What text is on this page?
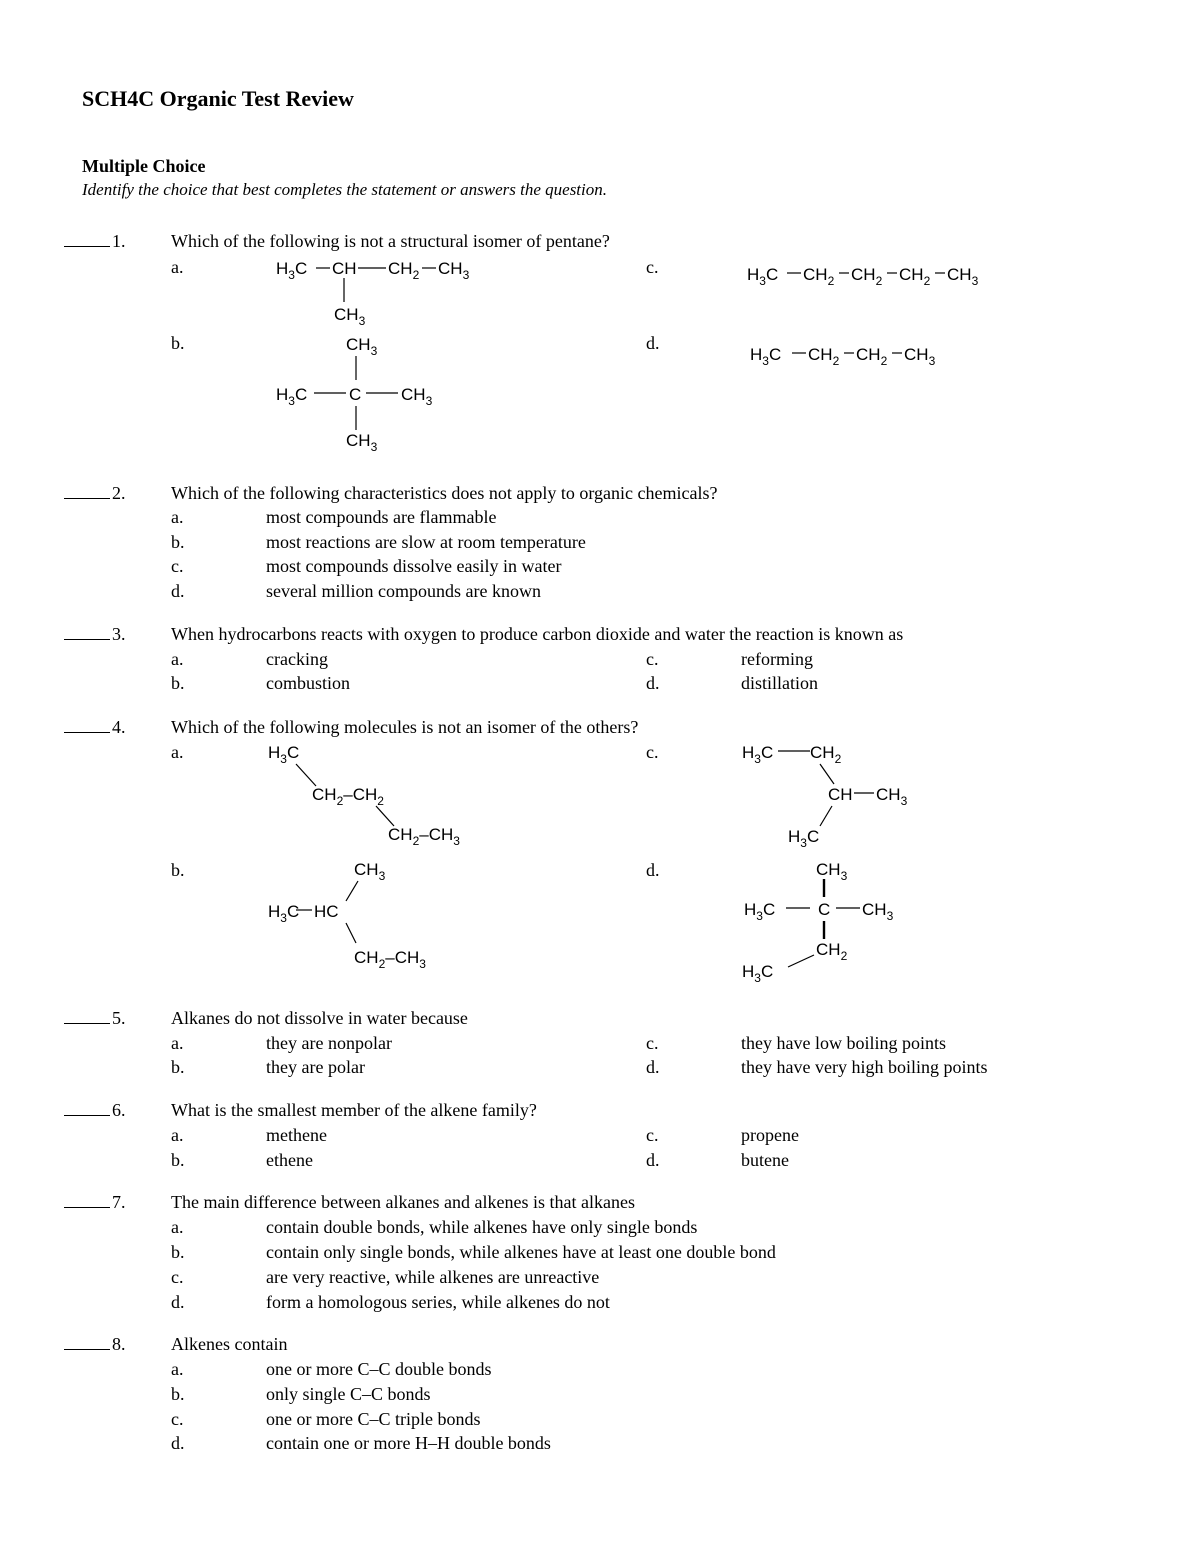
SCH4C Organic Test Review
Multiple Choice
Identify the choice that best completes the statement or answers the question.
1.	Which of the following is not a structural isomer of pentane?
a.	c.
b.	d.
$H_3C$ CH $CH_2$ $CH_3$
$CH_3$
$CH_3$
$H_3C$ C $CH_3$
$CH_3$
$H_3C$ $CH_2$ $CH_2$ $CH_2$ $CH_3$
$H_3C$ $CH_2$ $CH_2$ $CH_3$
2.	Which of the following characteristics does not apply to organic chemicals?
a.	most compounds are flammable
b.	most reactions are slow at room temperature
c.	most compounds dissolve easily in water
d.	several million compounds are known
3.	When hydrocarbons reacts with oxygen to produce carbon dioxide and water the reaction is known as
a.	cracking
b.	combustion
c.	reforming
d.	distillation
4.	Which of the following molecules is not an isomer of the others?
a.	c.
b.	d.
$H_3C$
$CH_2-CH_2$
$CH_2-CH_3$
$CH_3$
$H_3C$ HC
$CH_2-CH_3$
$H_3C$ $CH_2$
CH $CH_3$
$H_3C$
$CH_3$
$H_3C$	C $CH_3$
$CH_2$
$H_3C$
5.	Alkanes do not dissolve in water because
a.	they are nonpolar
b.	they are polar
c.	they have low boiling points
d.	they have very high boiling points
6.	What is the smallest member of the alkene family?
a.	methene
b.	ethene
c.	propene
d.	butene
7.	The main difference between alkanes and alkenes is that alkanes
a.	contain double bonds, while alkenes have only single bonds
b.	contain only single bonds, while alkenes have at least one double bond
c.	are very reactive, while alkenes are unreactive
d.	form a homologous series, while alkenes do not
8.	Alkenes contain
a.	one or more C–C double bonds
b.	only single C–C bonds
c.	one or more C–C triple bonds
d.	contain one or more H–H double bonds
